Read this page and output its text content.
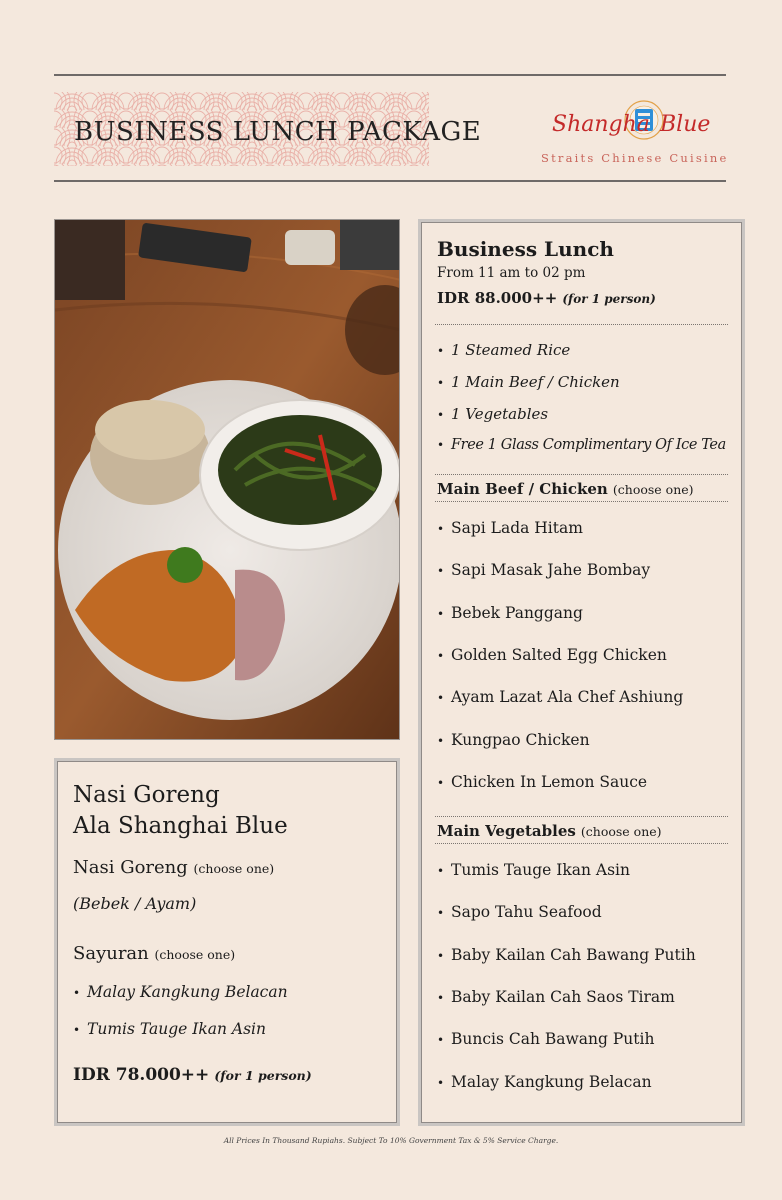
BUSINESS LUNCH PACKAGE	Shangha Blue
Straits Chinese Cuisine
Nasi Goreng
Ala Shanghai Blue
Nasi Goreng (choose one)
(Bebek / Ayam)
Sayuran (choose one)
• Malay Kangkung Belacan
• Tumis Tauge Ikan Asin
IDR 78.000++ (for 1 person)
Business Lunch
From 11 am to 02 pm
IDR 88.000++ (for 1 person)
• 1 Steamed Rice
• 1 Main Beef / Chicken
• 1 Vegetables
• Free 1 Glass Complimentary Of Ice Tea
Main Beef / Chicken (choose one)
• Sapi Lada Hitam
• Sapi Masak Jahe Bombay
• Bebek Panggang
• Golden Salted Egg Chicken
• Ayam Lazat Ala Chef Ashiung
• Kungpao Chicken
• Chicken In Lemon Sauce
Main Vegetables (choose one)
• Tumis Tauge Ikan Asin
• Sapo Tahu Seafood
• Baby Kailan Cah Bawang Putih
• Baby Kailan Cah Saos Tiram
• Buncis Cah Bawang Putih
• Malay Kangkung Belacan
All Prices In Thousand Rupiahs. Subject To 10% Government Tax & 5% Service Charge.
